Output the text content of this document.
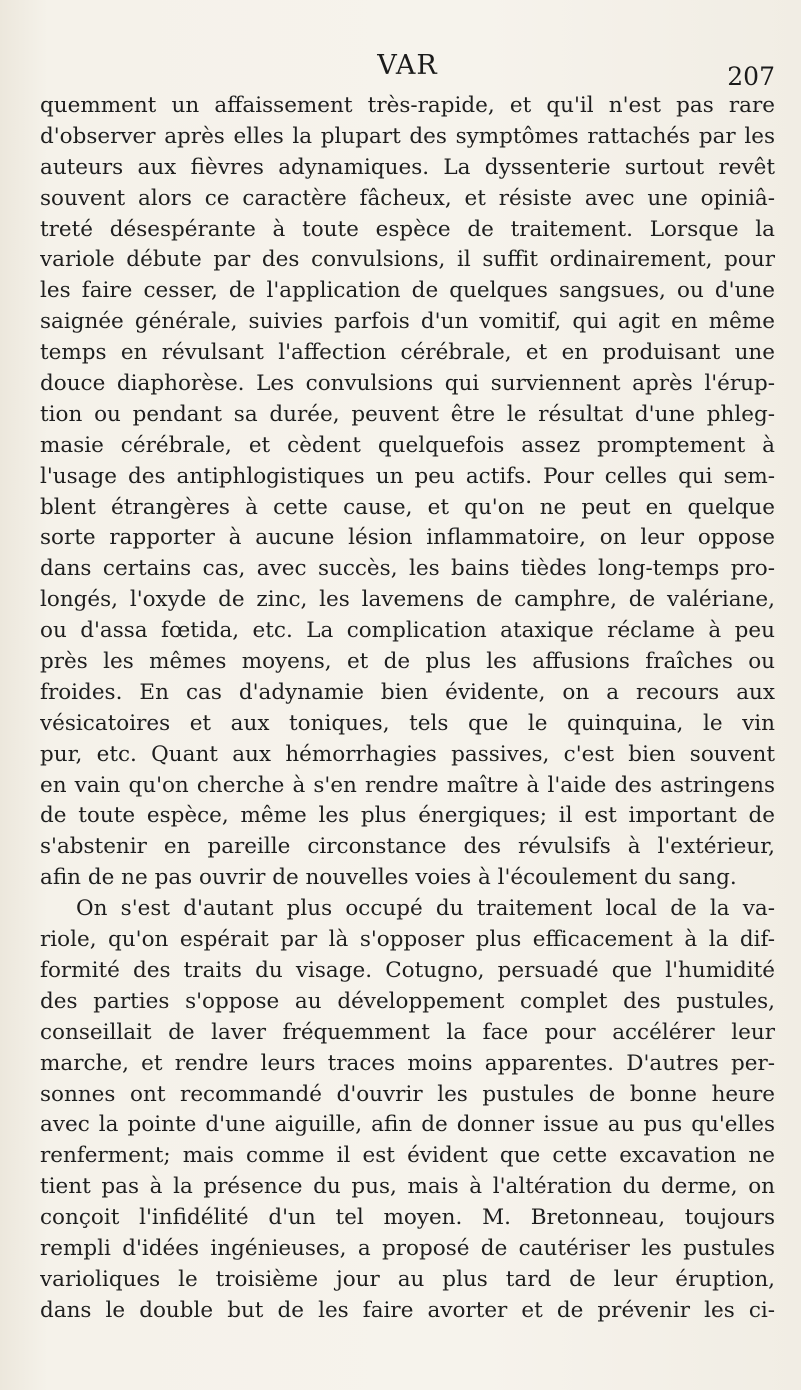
VAR	207
quemment un affaissement très-rapide, et qu'il n'est pas rare
d'observer après elles la plupart des symptômes rattachés par les
auteurs aux fièvres adynamiques. La dyssenterie surtout revêt
souvent alors ce caractère fâcheux, et résiste avec une opiniâ-
treté désespérante à toute espèce de traitement. Lorsque la
variole débute par des convulsions, il suffit ordinairement, pour
les faire cesser, de l'application de quelques sangsues, ou d'une
saignée générale, suivies parfois d'un vomitif, qui agit en même
temps en révulsant l'affection cérébrale, et en produisant une
douce diaphorèse. Les convulsions qui surviennent après l'érup-
tion ou pendant sa durée, peuvent être le résultat d'une phleg-
masie cérébrale, et cèdent quelquefois assez promptement à
l'usage des antiphlogistiques un peu actifs. Pour celles qui sem-
blent étrangères à cette cause, et qu'on ne peut en quelque
sorte rapporter à aucune lésion inflammatoire, on leur oppose
dans certains cas, avec succès, les bains tièdes long-temps pro-
longés, l'oxyde de zinc, les lavemens de camphre, de valériane,
ou d'assa fœtida, etc. La complication ataxique réclame à peu
près les mêmes moyens, et de plus les affusions fraîches ou
froides. En cas d'adynamie bien évidente, on a recours aux
vésicatoires et aux toniques, tels que le quinquina, le vin
pur, etc. Quant aux hémorrhagies passives, c'est bien souvent
en vain qu'on cherche à s'en rendre maître à l'aide des astringens
de toute espèce, même les plus énergiques; il est important de
s'abstenir en pareille circonstance des révulsifs à l'extérieur,
afin de ne pas ouvrir de nouvelles voies à l'écoulement du sang.
On s'est d'autant plus occupé du traitement local de la va-
riole, qu'on espérait par là s'opposer plus efficacement à la dif-
formité des traits du visage. Cotugno, persuadé que l'humidité
des parties s'oppose au développement complet des pustules,
conseillait de laver fréquemment la face pour accélérer leur
marche, et rendre leurs traces moins apparentes. D'autres per-
sonnes ont recommandé d'ouvrir les pustules de bonne heure
avec la pointe d'une aiguille, afin de donner issue au pus qu'elles
renferment; mais comme il est évident que cette excavation ne
tient pas à la présence du pus, mais à l'altération du derme, on
conçoit l'infidélité d'un tel moyen. M. Bretonneau, toujours
rempli d'idées ingénieuses, a proposé de cautériser les pustules
varioliques le troisième jour au plus tard de leur éruption,
dans le double but de les faire avorter et de prévenir les ci-
